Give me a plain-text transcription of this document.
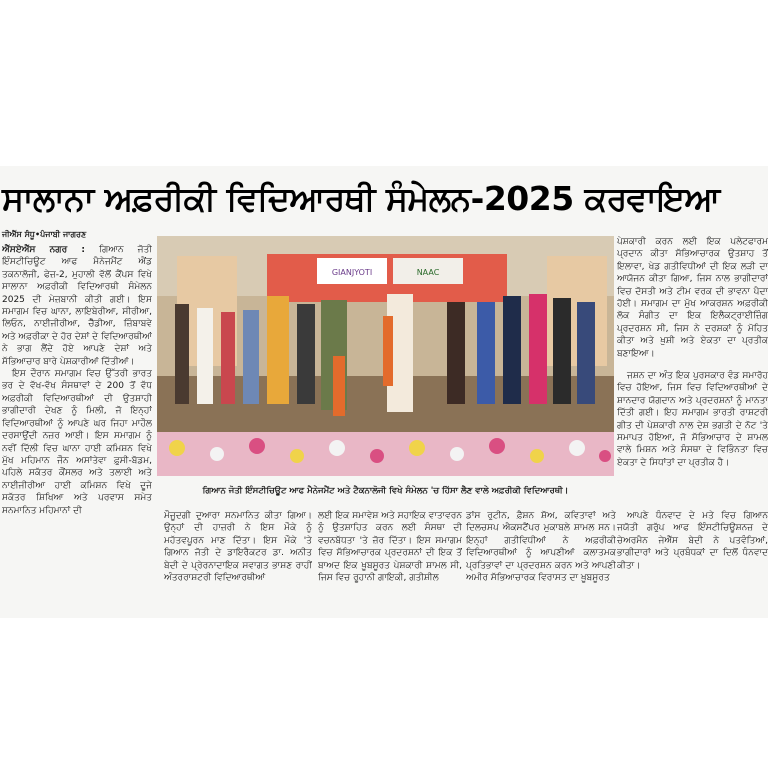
ਸਾਲਾਨਾ ਅਫ਼ਰੀਕੀ ਵਿਦਿਆਰਥੀ ਸੰਮੇਲਨ-2025 ਕਰਵਾਇਆ
ਜੀਐੱਸ ਸੰਧੂ•ਪੰਜਾਬੀ ਜਾਗਰਣ

ਐੱਸਏਐੱਸ ਨਗਰ : ਗਿਆਨ ਜੋਤੀ ਇੰਸਟੀਚਿਊਟ ਆਫ ਮੈਨੇਜਮੈਂਟ ਐਂਡ ਤਕਨਾਲੋਜੀ, ਫੇਜ਼-2, ਮੁਹਾਲੀ ਵੱਲੋਂ ਕੈਂਪਸ ਵਿਖੇ ਸਾਲਾਨਾ ਅਫ਼ਰੀਕੀ ਵਿਦਿਆਰਥੀ ਸੰਮੇਲਨ 2025 ਦੀ ਮੇਜ਼ਬਾਨੀ ਕੀਤੀ ਗਈ। ਇਸ ਸਮਾਗਮ ਵਿਚ ਘਾਨਾ, ਲਾਇਬੇਰੀਆ, ਸੀਰੀਆ, ਲਿਓਨ, ਨਾਈਜੀਰੀਆ, ਚੈੱਡੀਆ, ਜ਼ਿੰਬਾਬਵੇ ਅਤੇ ਅਫ਼ਰੀਕਾ ਦੇ ਹੋਰ ਦੇਸ਼ਾਂ ਦੇ ਵਿਦਿਆਰਥੀਆਂ ਨੇ ਭਾਗ ਲੈਂਦੇ ਹੋਏ ਆਪਣੇ ਦੇਸ਼ਾਂ ਅਤੇ ਸੱਭਿਆਚਾਰ ਬਾਰੇ ਪੇਸ਼ਕਾਰੀਆਂ ਦਿੱਤੀਆਂ।

ਇਸ ਦੌਰਾਨ ਸਮਾਗਮ ਵਿਚ ਉੱਤਰੀ ਭਾਰਤ ਭਰ ਦੇ ਵੱਖ-ਵੱਖ ਸੰਸਥਾਵਾਂ ਦੇ 200 ਤੋਂ ਵੱਧ ਅਫ਼ਰੀਕੀ ਵਿਦਿਆਰਥੀਆਂ ਦੀ ਉਤਸ਼ਾਹੀ ਭਾਗੀਦਾਰੀ ਦੇਖਣ ਨੂੰ ਮਿਲੀ, ਜੋ ਇਨ੍ਹਾਂ ਵਿਦਿਆਰਥੀਆਂ ਨੂੰ ਆਪਣੇ ਘਰ ਜਿਹਾ ਮਾਹੌਲ ਦਰਸਾਉਂਦੀ ਨਜ਼ਰ ਆਈ। ਇਸ ਸਮਾਗਮ ਨੂੰ ਨਵੀਂ ਦਿੱਲੀ ਵਿਚ ਘਾਨਾ ਹਾਈ ਕਮਿਸ਼ਨ ਵਿਖੇ ਮੁੱਖ ਮਹਿਮਾਨ ਜੌਨ ਅਸਾਂਤੇਵਾ ਫ਼ੁਸੀ-ਬੋਡਮ, ਪਹਿਲੇ ਸਕੱਤਰ ਕੌਂਸਲਰ ਅਤੇ ਤਲਾਈ ਅਤੇ ਨਾਈਜੀਰੀਆ ਹਾਈ ਕਮਿਸ਼ਨ ਵਿਖੇ ਦੂਜੇ ਸਕੱਤਰ ਸ਼ਿਖਿਆ ਅਤੇ ਪਰਵਾਸ ਸਮੇਤ ਸਨਮਾਨਿਤ ਮਹਿਮਾਨਾਂ ਦੀ

GIANJYOTI	NAAC
ਗਿਆਨ ਜੋਤੀ ਇੰਸਟੀਚਿਊਟ ਆਫ ਮੈਨੇਜਮੈਂਟ ਅਤੇ ਟੈਕਨਾਲੋਜੀ ਵਿਖੇ ਸੰਮੇਲਨ 'ਚ ਹਿੱਸਾ ਲੈਣ ਵਾਲੇ ਅਫ਼ਰੀਕੀ ਵਿਦਿਆਰਥੀ।

ਮੌਜੂਦਗੀ ਦੁਆਰਾ ਸਨਮਾਨਿਤ ਕੀਤਾ ਗਿਆ। ਉਨ੍ਹਾਂ ਦੀ ਹਾਜ਼ਰੀ ਨੇ ਇਸ ਮੌਕੇ ਨੂੰ ਮਹੱਤਵਪੂਰਨ ਮਾਣ ਦਿੱਤਾ। ਇਸ ਮੌਕੇ 'ਤੇ ਗਿਆਨ ਜੋਤੀ ਦੇ ਡਾਇਰੈਕਟਰ ਡਾ. ਅਨੀਤ ਬੇਦੀ ਦੇ ਪ੍ਰੇਰਨਾਦਾਇਕ ਸਵਾਗਤ ਭਾਸ਼ਣ ਰਾਹੀਂ ਅੰਤਰਰਾਸ਼ਟਰੀ ਵਿਦਿਆਰਥੀਆਂ

ਲਈ ਇਕ ਸਮਾਵੇਸ਼ ਅਤੇ ਸਹਾਇਕ ਵਾਤਾਵਰਨ ਨੂੰ ਉਤਸ਼ਾਹਿਤ ਕਰਨ ਲਈ ਸੰਸਥਾ ਦੀ ਵਚਨਬੱਧਤਾ 'ਤੇ ਜ਼ੋਰ ਦਿੱਤਾ। ਇਸ ਸਮਾਗਮ ਵਿਚ ਸੱਭਿਆਚਾਰਕ ਪ੍ਰਦਰਸ਼ਨਾਂ ਦੀ ਇਕ ਤੋਂ ਬਾਅਦ ਇਕ ਖ਼ੂਬਸੂਰਤ ਪੇਸ਼ਕਾਰੀ ਸ਼ਾਮਲ ਸੀ, ਜਿਸ ਵਿਚ ਰੂਹਾਨੀ ਗਾਇਕੀ, ਗਤੀਸ਼ੀਲ

ਡਾਂਸ ਰੁਟੀਨ, ਫ਼ੈਸ਼ਨ ਸ਼ੋਅ, ਕਵਿਤਾਵਾਂ ਅਤੇ ਦਿਲਚਸਪ ਐਕਸਟੈਂਪਰ ਮੁਕਾਬਲੇ ਸ਼ਾਮਲ ਸਨ। ਇਨ੍ਹਾਂ ਗਤੀਵਿਧੀਆਂ ਨੇ ਅਫ਼ਰੀਕੀ ਵਿਦਿਆਰਥੀਆਂ ਨੂੰ ਆਪਣੀਆਂ ਕਲਾਤਮਕ ਪ੍ਰਤਿਭਾਵਾਂ ਦਾ ਪ੍ਰਦਰਸ਼ਨ ਕਰਨ ਅਤੇ ਆਪਣੀ ਅਮੀਰ ਸੱਭਿਆਚਾਰਕ ਵਿਰਾਸਤ ਦਾ ਖ਼ੂਬਸੂਰਤ

ਪੇਸ਼ਕਾਰੀ ਕਰਨ ਲਈ ਇਕ ਪਲੇਟਫਾਰਮ ਪ੍ਰਦਾਨ ਕੀਤਾ ਸੱਭਿਆਚਾਰਕ ਉਤਸ਼ਾਹ ਤੋਂ ਇਲਾਵਾ, ਖੇਡ ਗਤੀਵਿਧੀਆਂ ਦੀ ਇਕ ਲੜੀ ਦਾ ਆਯੋਜਨ ਕੀਤਾ ਗਿਆ, ਜਿਸ ਨਾਲ ਭਾਗੀਦਾਰਾਂ ਵਿਚ ਦੋਸਤੀ ਅਤੇ ਟੀਮ ਵਰਕ ਦੀ ਭਾਵਨਾ ਪੈਦਾ ਹੋਈ। ਸਮਾਗਮ ਦਾ ਮੁੱਖ ਆਕਰਸ਼ਨ ਅਫ਼ਰੀਕੀ ਲੋਕ ਸੰਗੀਤ ਦਾ ਇਕ ਇਲੈਕਟ੍ਰਾਈਜ਼ਿੰਗ ਪ੍ਰਦਰਸ਼ਨ ਸੀ, ਜਿਸ ਨੇ ਦਰਸ਼ਕਾਂ ਨੂੰ ਮੋਹਿਤ ਕੀਤਾ ਅਤੇ ਖ਼ੁਸ਼ੀ ਅਤੇ ਏਕਤਾ ਦਾ ਪ੍ਰਤੀਕ ਬਣਾਇਆ।

ਜਸ਼ਨ ਦਾ ਅੰਤ ਇਕ ਪੁਰਸਕਾਰ ਵੰਡ ਸਮਾਰੋਹ ਵਿਚ ਹੋਇਆ, ਜਿਸ ਵਿਚ ਵਿਦਿਆਰਥੀਆਂ ਦੇ ਸ਼ਾਨਦਾਰ ਯੋਗਦਾਨ ਅਤੇ ਪ੍ਰਦਰਸ਼ਨਾਂ ਨੂੰ ਮਾਨਤਾ ਦਿੱਤੀ ਗਈ। ਇਹ ਸਮਾਗਮ ਭਾਰਤੀ ਰਾਸ਼ਟਰੀ ਗੀਤ ਦੀ ਪੇਸ਼ਕਾਰੀ ਨਾਲ ਦੇਸ਼ ਭਗਤੀ ਦੇ ਨੋਟ 'ਤੇ ਸਮਾਪਤ ਹੋਇਆ, ਜੋ ਸੱਭਿਆਚਾਰ ਦੇ ਸ਼ਾਮਲ ਵਾਲੇ ਮਿਸ਼ਨ ਅਤੇ ਸੰਸਥਾ ਦੇ ਵਿਭਿੰਨਤਾ ਵਿਚ ਏਕਤਾ ਦੇ ਸਿਧਾਂਤਾਂ ਦਾ ਪ੍ਰਤੀਕ ਹੈ।

ਆਪਣੇ ਧੰਨਵਾਦ ਦੇ ਮਤੇ ਵਿਚ ਗਿਆਨ ਜਯੋਤੀ ਗਰੁੱਪ ਆਫ ਇੰਸਟੀਚਿਊਸ਼ਨਜ਼ ਦੇ ਚੇਅਰਮੈਨ ਜੇਐੱਸ ਬੇਦੀ ਨੇ ਪਤਵੰਤਿਆਂ, ਭਾਗੀਦਾਰਾਂ ਅਤੇ ਪ੍ਰਬੰਧਕਾਂ ਦਾ ਦਿਲੋਂ ਧੰਨਵਾਦ ਕੀਤਾ।
